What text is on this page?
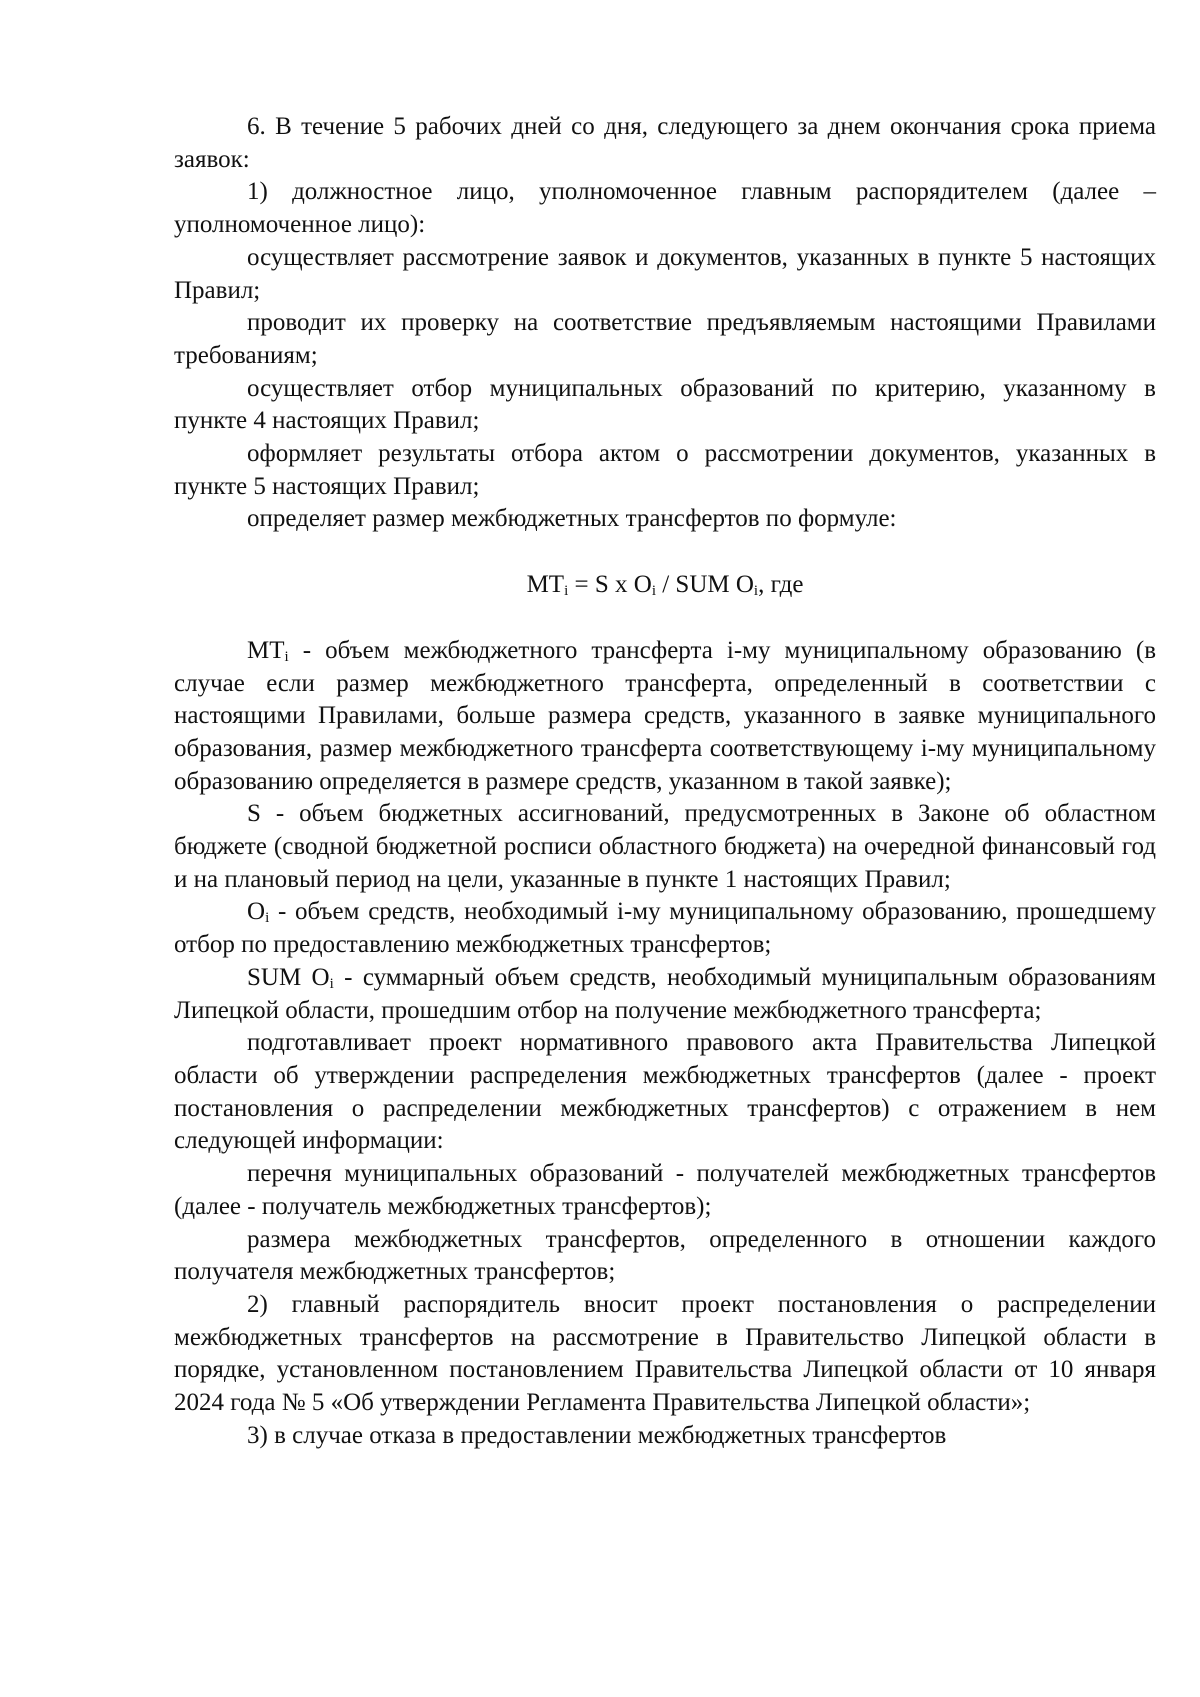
6. В течение 5 рабочих дней со дня, следующего за днем окончания срока приема заявок:

1) должностное лицо, уполномоченное главным распорядителем (далее – уполномоченное лицо):

осуществляет рассмотрение заявок и документов, указанных в пункте 5 настоящих Правил;

проводит их проверку на соответствие предъявляемым настоящими Правилами требованиям;

осуществляет отбор муниципальных образований по критерию, указанному в пункте 4 настоящих Правил;

оформляет результаты отбора актом о рассмотрении документов, указанных в пункте 5 настоящих Правил;

определяет размер межбюджетных трансфертов по формуле:

$MT_i = S$ x $O_i$ / SUM $O_i$, где

$MT_i$ - объем межбюджетного трансферта i-му муниципальному образованию (в случае если размер межбюджетного трансферта, определенный в соответствии с настоящими Правилами, больше размера средств, указанного в заявке муниципального образования, размер межбюджетного трансферта соответствующему i-му муниципальному образованию определяется в размере средств, указанном в такой заявке);

S - объем бюджетных ассигнований, предусмотренных в Законе об областном бюджете (сводной бюджетной росписи областного бюджета) на очередной финансовый год и на плановый период на цели, указанные в пункте 1 настоящих Правил;

$O_i$ - объем средств, необходимый i-му муниципальному образованию, прошедшему отбор по предоставлению межбюджетных трансфертов;

SUM $O_i$ - суммарный объем средств, необходимый муниципальным образованиям Липецкой области, прошедшим отбор на получение межбюджетного трансферта;

подготавливает проект нормативного правового акта Правительства Липецкой области об утверждении распределения межбюджетных трансфертов (далее - проект постановления о распределении межбюджетных трансфертов) с отражением в нем следующей информации:

перечня муниципальных образований - получателей межбюджетных трансфертов (далее - получатель межбюджетных трансфертов);

размера межбюджетных трансфертов, определенного в отношении каждого получателя межбюджетных трансфертов;

2) главный распорядитель вносит проект постановления о распределении межбюджетных трансфертов на рассмотрение в Правительство Липецкой области в порядке, установленном постановлением Правительства Липецкой области от 10 января 2024 года № 5 «Об утверждении Регламента Правительства Липецкой области»;

3) в случае отказа в предоставлении межбюджетных трансфертов
